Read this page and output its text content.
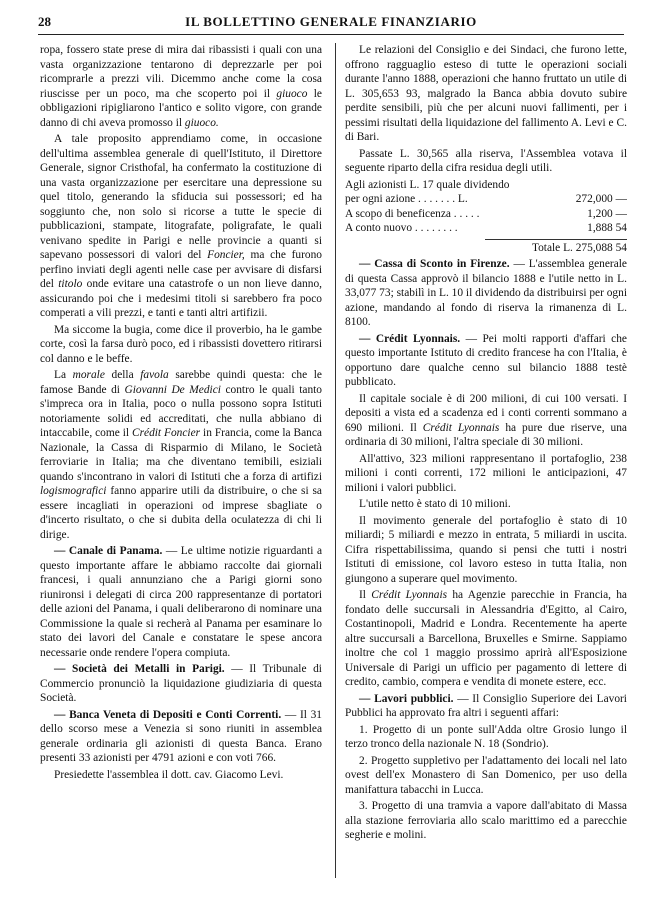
28	IL BOLLETTINO GENERALE FINANZIARIO

ropa, fossero state prese di mira dai ribassisti i quali con una vasta organizzazione tentarono di deprezzarle per poi ricomprarle a prezzi vili. Dicemmo anche come la cosa riuscisse per un poco, ma che scoperto poi il giuoco le obbligazioni ripigliarono l'antico e solito vigore, con grande danno di chi aveva promosso il giuoco.

A tale proposito apprendiamo come, in occasione dell'ultima assemblea generale di quell'Istituto, il Direttore Generale, signor Cristhofal, ha confermato la costituzione di una vasta organizzazione per esercitare una depressione su quel titolo, generando la sfiducia sui possessori; ed ha soggiunto che, non solo si ricorse a tutte le specie di pubblicazioni, stampate, litografate, poligrafate, le quali venivano spedite in Parigi e nelle provincie a quanti si sapevano possessori di valori del Foncier, ma che furono perfino inviati degli agenti nelle case per avvisare di disfarsi del titolo onde evitare una catastrofe o un non lieve danno, assicurando poi che i medesimi titoli si sarebbero fra poco comperati a vili prezzi, e tanti e tanti altri artifizii.

Ma siccome la bugia, come dice il proverbio, ha le gambe corte, così la farsa durò poco, ed i ribassisti dovettero ritirarsi col danno e le beffe.

La morale della favola sarebbe quindi questa: che le famose Bande di Giovanni De Medici contro le quali tanto s'impreca ora in Italia, poco o nulla possono sopra Istituti notoriamente solidi ed accreditati, che nulla abbiano di intaccabile, come il Crédit Foncier in Francia, come la Banca Nazionale, la Cassa di Risparmio di Milano, le Società ferroviarie in Italia; ma che diventano temibili, esiziali quando s'incontrano in valori di Istituti che a forza di artifizi logismografici fanno apparire utili da distribuire, o che si sa essere incagliati in operazioni od imprese sbagliate o d'incerto risultato, o che si dubita della oculatezza di chi li dirige.

— Canale di Panama. — Le ultime notizie riguardanti a questo importante affare le abbiamo raccolte dai giornali francesi, i quali annunziano che a Parigi giorni sono riunironsi i delegati di circa 200 rappresentanze di portatori delle azioni del Panama, i quali deliberarono di nominare una Commissione la quale si recherà al Panama per esaminare lo stato dei lavori del Canale e constatare le spese ancora necessarie onde rendere l'opera compiuta.

— Società dei Metalli in Parigi. — Il Tribunale di Commercio pronunciò la liquidazione giudiziaria di questa Società.

— Banca Veneta di Depositi e Conti Correnti. — Il 31 dello scorso mese a Venezia si sono riuniti in assemblea generale ordinaria gli azionisti di questa Banca. Erano presenti 33 azionisti per 4791 azioni e con voti 766.

Presiedette l'assemblea il dott. cav. Giacomo Levi.

Le relazioni del Consiglio e dei Sindaci, che furono lette, offrono ragguaglio esteso di tutte le operazioni sociali durante l'anno 1888, operazioni che hanno fruttato un utile di L. 305,653 93, malgrado la Banca abbia dovuto subire perdite sensibili, più che per alcuni nuovi fallimenti, per i pessimi risultati della liquidazione del fallimento A. Levi e C. di Bari.

Passate L. 30,565 alla riserva, l'Assemblea votava il seguente riparto della cifra residua degli utili.

Agli azionisti L. 17 quale dividendo
per ogni azione . . . . . . . L.	272,000 —
A scopo di beneficenza . . . . .	1,200 —
A conto nuovo . . . . . . . .	1,888 54
Totale L. 275,088 54

— Cassa di Sconto in Firenze. — L'assemblea generale di questa Cassa approvò il bilancio 1888 e l'utile netto in L. 33,077 73; stabilì in L. 10 il dividendo da distribuirsi per ogni azione, mandando al fondo di riserva la rimanenza di L. 8100.

— Crédit Lyonnais. — Pei molti rapporti d'affari che questo importante Istituto di credito francese ha con l'Italia, è opportuno dare qualche cenno sul bilancio 1888 testè pubblicato.

Il capitale sociale è di 200 milioni, di cui 100 versati. I depositi a vista ed a scadenza ed i conti correnti sommano a 690 milioni. Il Crédit Lyonnais ha pure due riserve, una ordinaria di 30 milioni, l'altra speciale di 30 milioni.

All'attivo, 323 milioni rappresentano il portafoglio, 238 milioni i conti correnti, 172 milioni le anticipazioni, 47 milioni i valori pubblici.

L'utile netto è stato di 10 milioni.

Il movimento generale del portafoglio è stato di 10 miliardi; 5 miliardi e mezzo in entrata, 5 miliardi in uscita. Cifra rispettabilissima, quando si pensi che tutti i nostri Istituti di emissione, col lavoro esteso in tutta Italia, non giungono a superare quel movimento.

Il Crédit Lyonnais ha Agenzie parecchie in Francia, ha fondato delle succursali in Alessandria d'Egitto, al Cairo, Costantinopoli, Madrid e Londra. Recentemente ha aperte altre succursali a Barcellona, Bruxelles e Smirne. Sappiamo inoltre che col 1 maggio prossimo aprirà all'Esposizione Universale di Parigi un ufficio per pagamento di lettere di credito, cambio, compera e vendita di monete estere, ecc.

— Lavori pubblici. — Il Consiglio Superiore dei Lavori Pubblici ha approvato fra altri i seguenti affari:

1. Progetto di un ponte sull'Adda oltre Grosio lungo il terzo tronco della nazionale N. 18 (Sondrio).

2. Progetto suppletivo per l'adattamento dei locali nel lato ovest dell'ex Monastero di San Domenico, per uso della manifattura tabacchi in Lucca.

3. Progetto di una tramvia a vapore dall'abitato di Massa alla stazione ferroviaria allo scalo marittimo ed a parecchie segherie e molini.
